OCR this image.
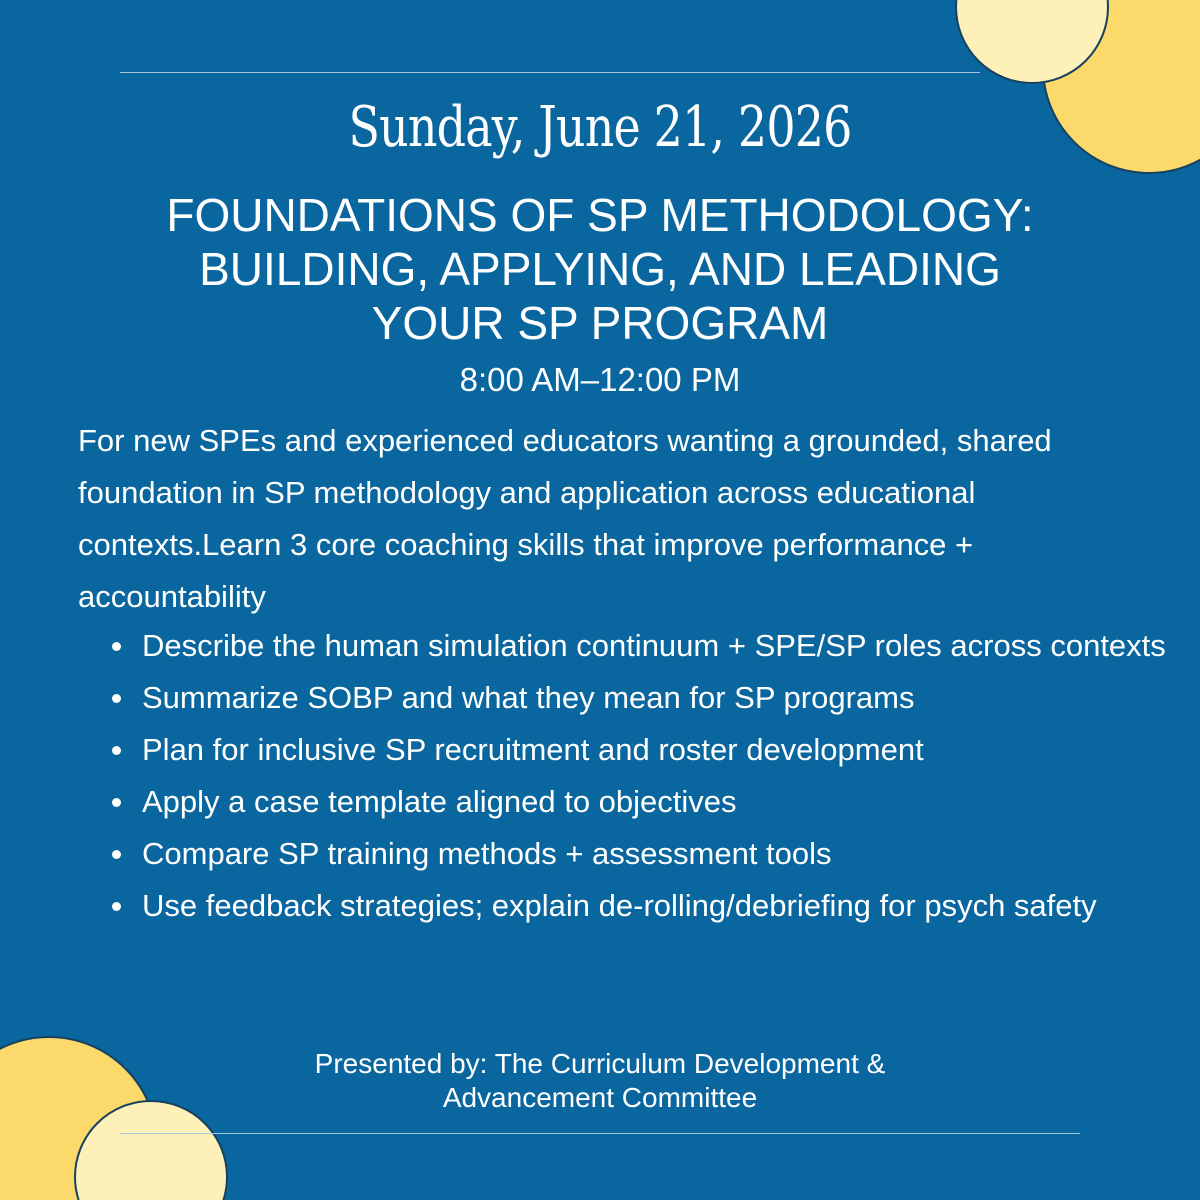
Sunday, June 21, 2026
FOUNDATIONS OF SP METHODOLOGY:
BUILDING, APPLYING, AND LEADING
YOUR SP PROGRAM
8:00 AM–12:00 PM

For new SPEs and experienced educators wanting a grounded, shared foundation in SP methodology and application across educational contexts.Learn 3 core coaching skills that improve performance + accountability

Describe the human simulation continuum + SPE/SP roles across contexts
Summarize SOBP and what they mean for SP programs
Plan for inclusive SP recruitment and roster development
Apply a case template aligned to objectives
Compare SP training methods + assessment tools
Use feedback strategies; explain de-rolling/debriefing for psych safety
Presented by: The Curriculum Development &
Advancement Committee
